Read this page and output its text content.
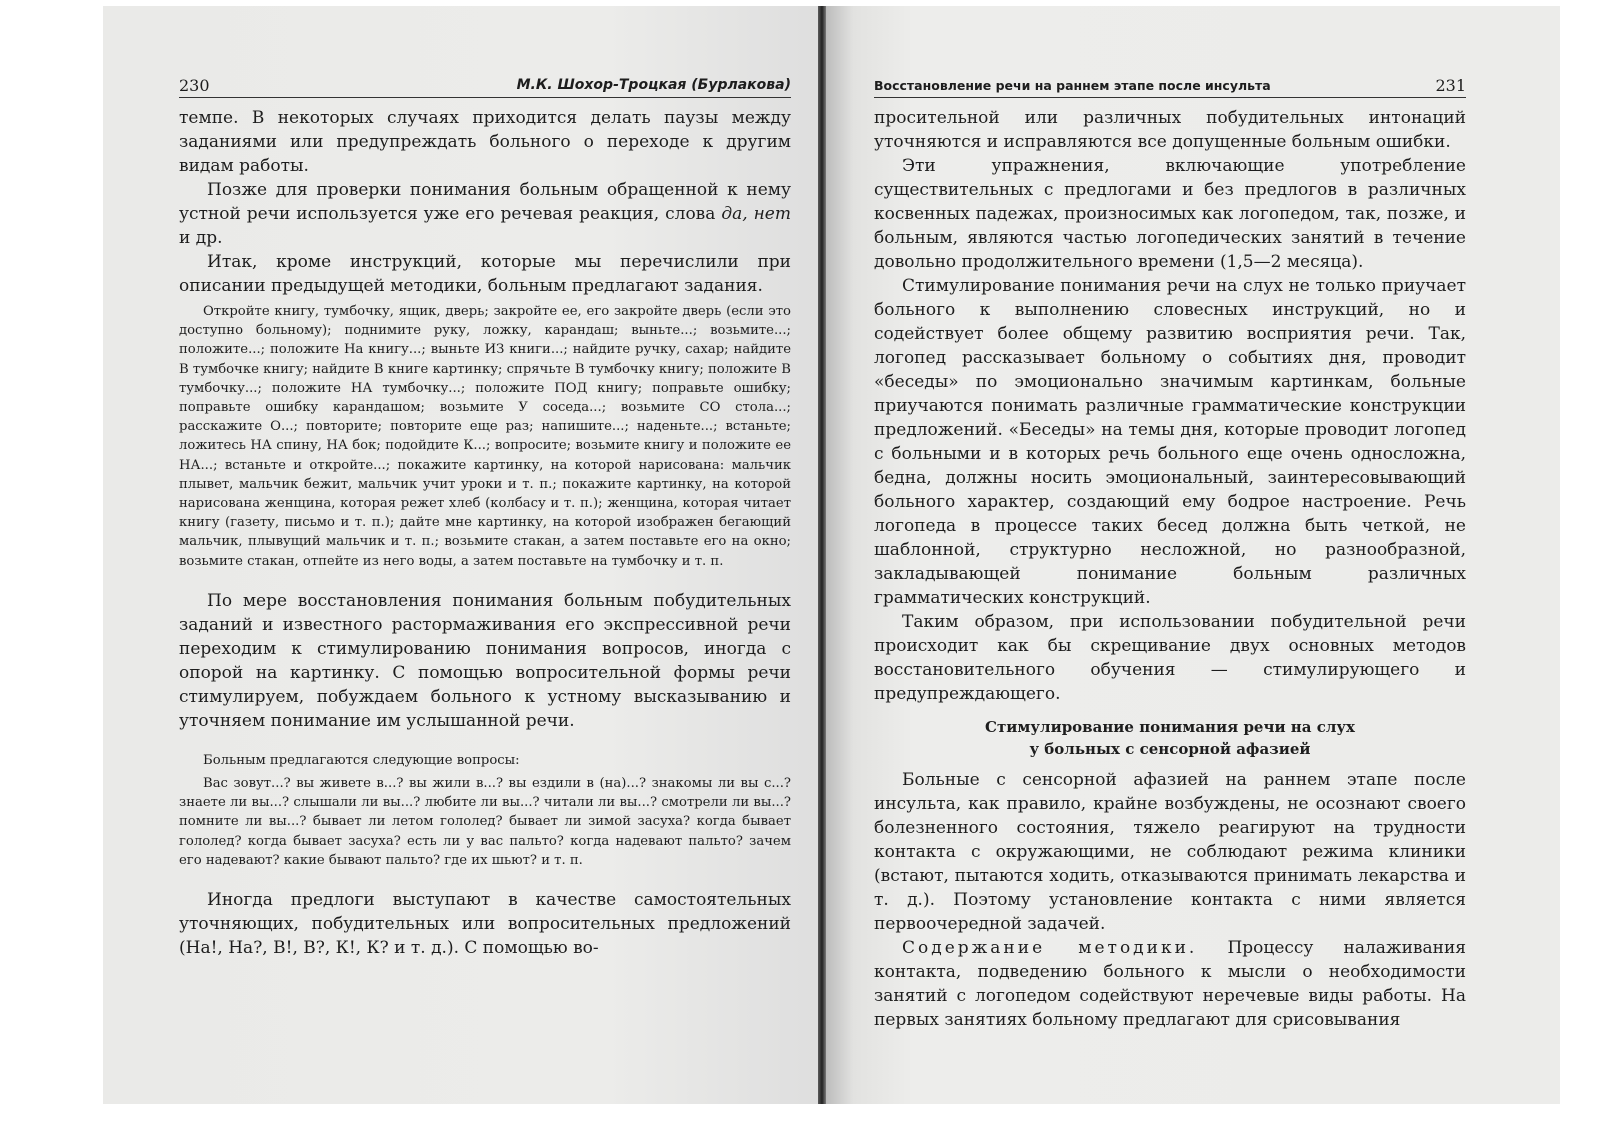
230	М.К. Шохор-Троцкая (Бурлакова)

темпе. В некоторых случаях приходится делать паузы между заданиями или предупреждать больного о переходе к другим видам работы.

Позже для проверки понимания больным обращенной к нему устной речи используется уже его речевая реакция, слова да, нет и др.

Итак, кроме инструкций, которые мы перечислили при описании предыдущей методики, больным предлагают задания.

Откройте книгу, тумбочку, ящик, дверь; закройте ее, его закройте дверь (если это доступно больному); поднимите руку, ложку, карандаш; выньте...; возьмите...; положите...; положите На книгу...; выньте ИЗ книги...; найдите ручку, сахар; найдите В тумбочке книгу; найдите В книге картинку; спрячьте В тумбочку книгу; положите В тумбочку...; положите НА тумбочку...; положите ПОД книгу; поправьте ошибку; поправьте ошибку карандашом; возьмите У соседа...; возьмите СО стола...; расскажите О...; повторите; повторите еще раз; напишите...; наденьте...; встаньте; ложитесь НА спину, НА бок; подойдите К...; вопросите; возьмите книгу и положите ее НА...; встаньте и откройте...; покажите картинку, на которой нарисована: мальчик плывет, мальчик бежит, мальчик учит уроки и т. п.; покажите картинку, на которой нарисована женщина, которая режет хлеб (колбасу и т. п.); женщина, которая читает книгу (газету, письмо и т. п.); дайте мне картинку, на которой изображен бегающий мальчик, плывущий мальчик и т. п.; возьмите стакан, а затем поставьте его на окно; возьмите стакан, отпейте из него воды, а затем поставьте на тумбочку и т. п.

По мере восстановления понимания больным побудительных заданий и известного растормаживания его экспрессивной речи переходим к стимулированию понимания вопросов, иногда с опорой на картинку. С помощью вопросительной формы речи стимулируем, побуждаем больного к устному высказыванию и уточняем понимание им услышанной речи.

Больным предлагаются следующие вопросы:

Вас зовут...? вы живете в...? вы жили в...? вы ездили в (на)...? знакомы ли вы с...? знаете ли вы...? слышали ли вы...? любите ли вы...? читали ли вы...? смотрели ли вы...? помните ли вы...? бывает ли летом гололед? бывает ли зимой засуха? когда бывает гололед? когда бывает засуха? есть ли у вас пальто? когда надевают пальто? зачем его надевают? какие бывают пальто? где их шьют? и т. п.

Иногда предлоги выступают в качестве самостоятельных уточняющих, побудительных или вопросительных предложений (На!, На?, В!, В?, К!, К? и т. д.). С помощью во-

Восстановление речи на раннем этапе после инсульта	231

просительной или различных побудительных интонаций уточняются и исправляются все допущенные больным ошибки.

Эти упражнения, включающие употребление существительных с предлогами и без предлогов в различных косвенных падежах, произносимых как логопедом, так, позже, и больным, являются частью логопедических занятий в течение довольно продолжительного времени (1,5—2 месяца).

Стимулирование понимания речи на слух не только приучает больного к выполнению словесных инструкций, но и содействует более общему развитию восприятия речи. Так, логопед рассказывает больному о событиях дня, проводит «беседы» по эмоционально значимым картинкам, больные приучаются понимать различные грамматические конструкции предложений. «Беседы» на темы дня, которые проводит логопед с больными и в которых речь больного еще очень односложна, бедна, должны носить эмоциональный, заинтересовывающий больного характер, создающий ему бодрое настроение. Речь логопеда в процессе таких бесед должна быть четкой, не шаблонной, структурно несложной, но разнообразной, закладывающей понимание больным различных грамматических конструкций.

Таким образом, при использовании побудительной речи происходит как бы скрещивание двух основных методов восстановительного обучения — стимулирующего и предупреждающего.

Стимулирование понимания речи на слух
у больных с сенсорной афазией

Больные с сенсорной афазией на раннем этапе после инсульта, как правило, крайне возбуждены, не осознают своего болезненного состояния, тяжело реагируют на трудности контакта с окружающими, не соблюдают режима клиники (встают, пытаются ходить, отказываются принимать лекарства и т. д.). Поэтому установление контакта с ними является первоочередной задачей.

Содержание методики. Процессу налаживания контакта, подведению больного к мысли о необходимости занятий с логопедом содействуют неречевые виды работы. На первых занятиях больному предлагают для срисовывания
